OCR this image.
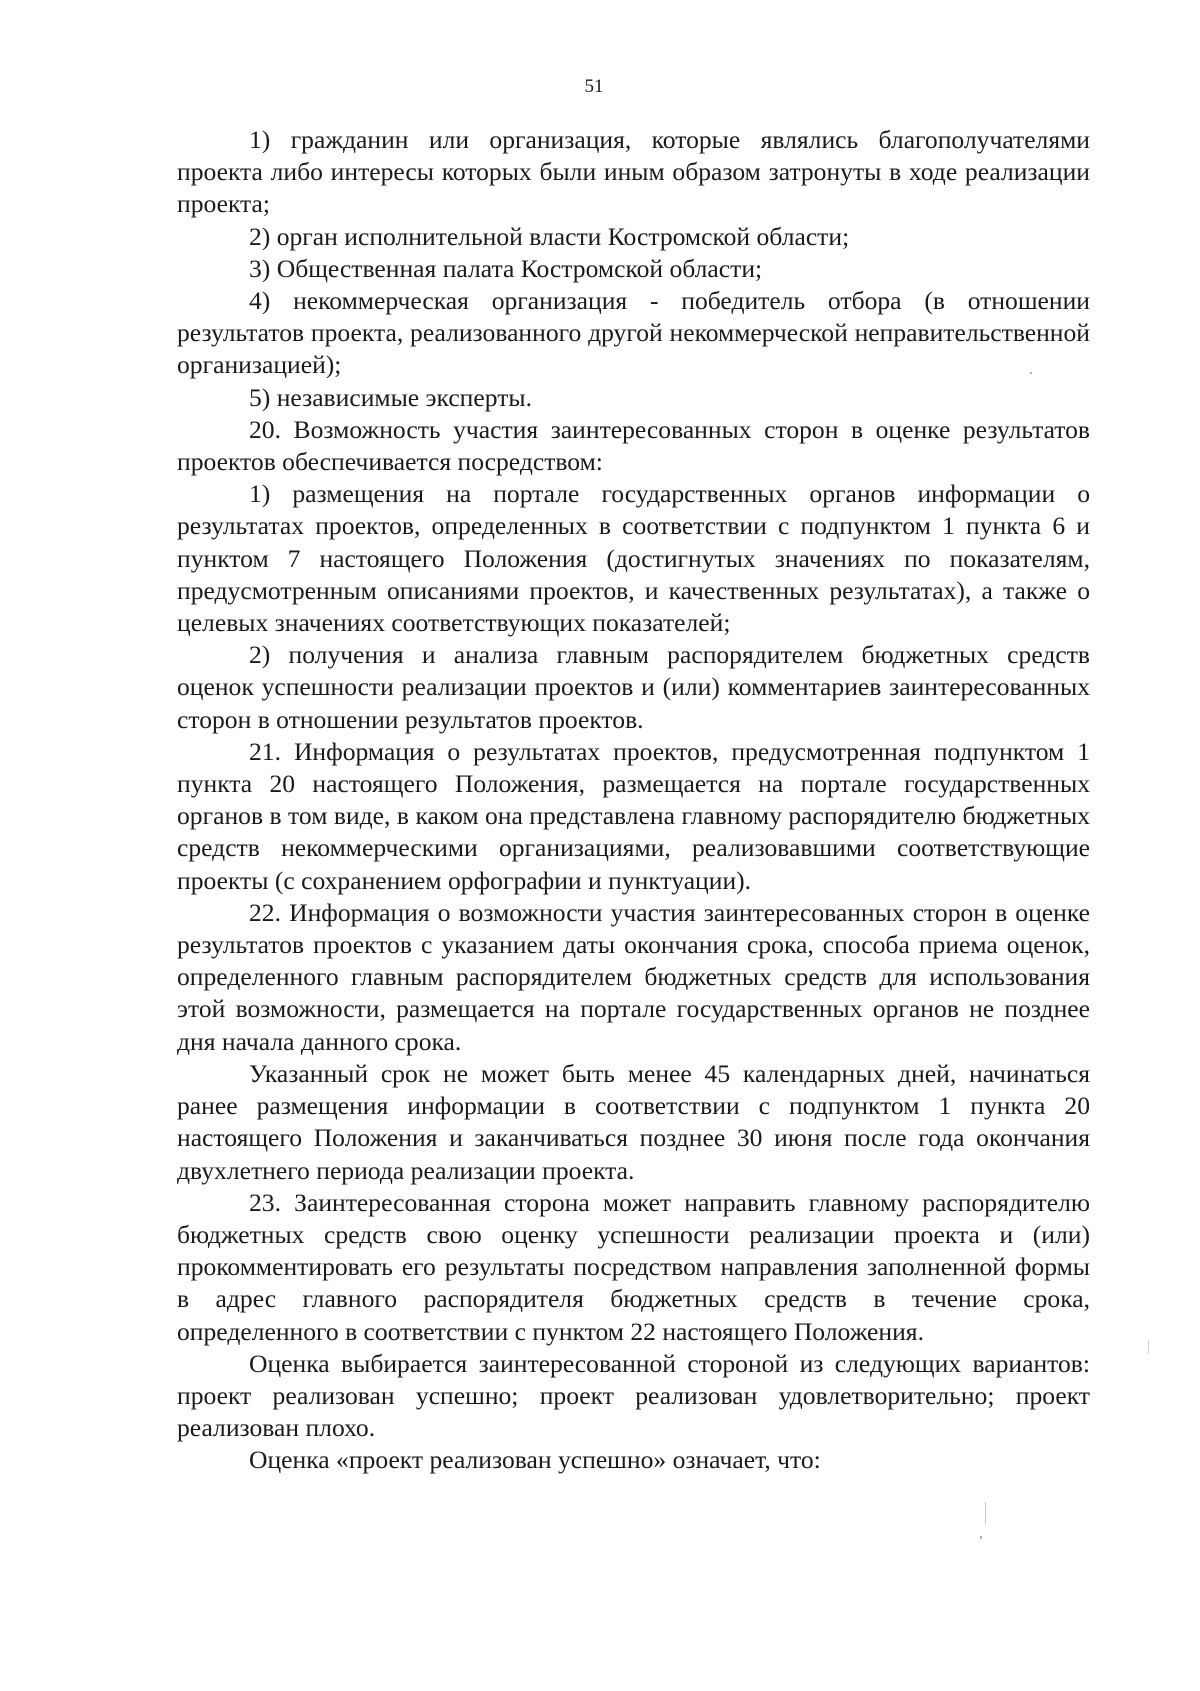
51

1) гражданин или организация, которые являлись благополучателями проекта либо интересы которых были иным образом затронуты в ходе реализации проекта;

2) орган исполнительной власти Костромской области;

3) Общественная палата Костромской области;

4) некоммерческая организация - победитель отбора (в отношении результатов проекта, реализованного другой некоммерческой неправительственной организацией);

5) независимые эксперты.

20. Возможность участия заинтересованных сторон в оценке результатов проектов обеспечивается посредством:

1) размещения на портале государственных органов информации о результатах проектов, определенных в соответствии с подпунктом 1 пункта 6 и пунктом 7 настоящего Положения (достигнутых значениях по показателям, предусмотренным описаниями проектов, и качественных результатах), а также о целевых значениях соответствующих показателей;

2) получения и анализа главным распорядителем бюджетных средств оценок успешности реализации проектов и (или) комментариев заинтересованных сторон в отношении результатов проектов.

21. Информация о результатах проектов, предусмотренная подпунктом 1 пункта 20 настоящего Положения, размещается на портале государственных органов в том виде, в каком она представлена главному распорядителю бюджетных средств некоммерческими организациями, реализовавшими соответствующие проекты (с сохранением орфографии и пунктуации).

22. Информация о возможности участия заинтересованных сторон в оценке результатов проектов с указанием даты окончания срока, способа приема оценок, определенного главным распорядителем бюджетных средств для использования этой возможности, размещается на портале государственных органов не позднее дня начала данного срока.

Указанный срок не может быть менее 45 календарных дней, начинаться ранее размещения информации в соответствии с подпунктом 1 пункта 20 настоящего Положения и заканчиваться позднее 30 июня после года окончания двухлетнего периода реализации проекта.

23. Заинтересованная сторона может направить главному распорядителю бюджетных средств свою оценку успешности реализации проекта и (или) прокомментировать его результаты посредством направления заполненной формы в адрес главного распорядителя бюджетных средств в течение срока, определенного в соответствии с пунктом 22 настоящего Положения.

Оценка выбирается заинтересованной стороной из следующих вариантов: проект реализован успешно; проект реализован удовлетворительно; проект реализован плохо.

Оценка «проект реализован успешно» означает, что:
